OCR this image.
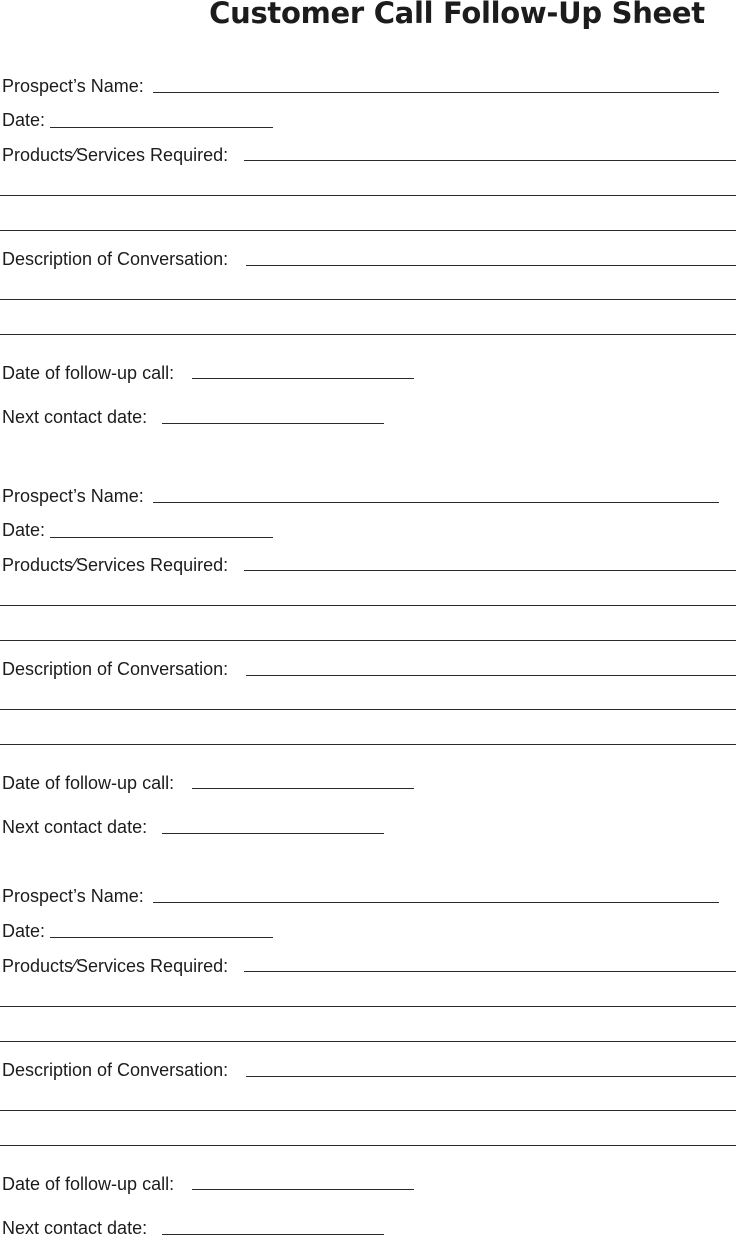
Customer Call Follow-Up Sheet
Prospect’s Name:
Date:
Products⁄Services Required:
Description of Conversation:
Date of follow-up call:
Next contact date:
Prospect’s Name:
Date:
Products⁄Services Required:
Description of Conversation:
Date of follow-up call:
Next contact date:
Prospect’s Name:
Date:
Products⁄Services Required:
Description of Conversation:
Date of follow-up call:
Next contact date:
